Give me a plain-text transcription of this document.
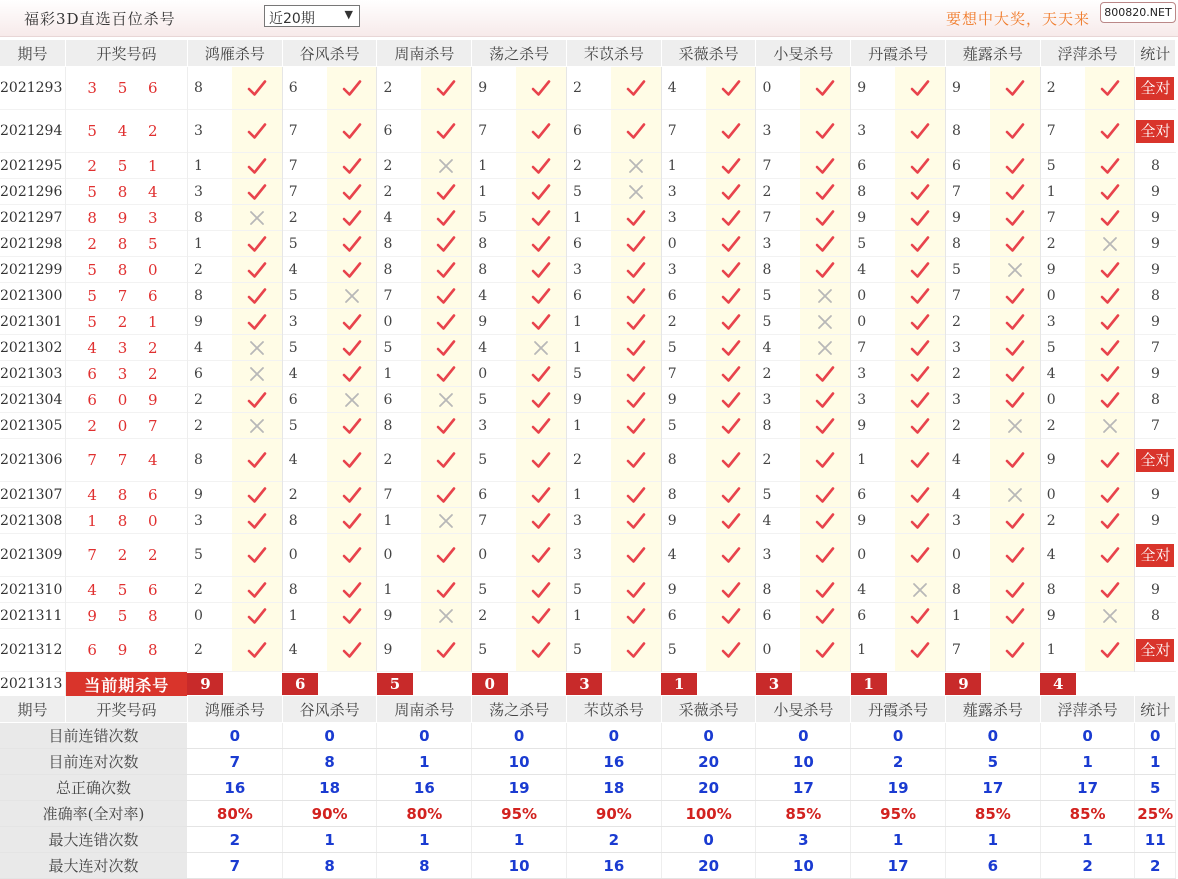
福彩3D直选百位杀号	近20期	▼	要想中大奖，天天来	800820.NET
期号	开奖号码	鸿雁杀号		谷风杀号		周南杀号		荡之杀号		芣苡杀号		采薇杀号		小旻杀号		丹霞杀号		薤露杀号		浮萍杀号		统计
2021293	3 5 6	8		6		2		9		2		4		0		9		9		2		全对

2021294	5 4 2	3		7		6		7		6		7		3		3		8		7		全对

2021295	2 5 1	1		7		2		1		2		1		7		6		6		5		8
2021296	5 8 4	3		7		2		1		5		3		2		8		7		1		9
2021297	8 9 3	8		2		4		5		1		3		7		9		9		7		9
2021298	2 8 5	1		5		8		8		6		0		3		5		8		2		9
2021299	5 8 0	2		4		8		8		3		3		8		4		5		9		9
2021300	5 7 6	8		5		7		4		6		6		5		0		7		0		8
2021301	5 2 1	9		3		0		9		1		2		5		0		2		3		9
2021302	4 3 2	4		5		5		4		1		5		4		7		3		5		7
2021303	6 3 2	6		4		1		0		5		7		2		3		2		4		9
2021304	6 0 9	2		6		6		5		9		9		3		3		3		0		8
2021305	2 0 7	2		5		8		3		1		5		8		9		2		2		7
2021306	7 7 4	8		4		2		5		2		8		2		1		4		9		全对

2021307	4 8 6	9		2		7		6		1		8		5		6		4		0		9
2021308	1 8 0	3		8		1		7		3		9		4		9		3		2		9
2021309	7 2 2	5		0		0		0		3		4		3		0		0		4		全对

2021310	4 5 6	2		8		1		5		5		9		8		4		8		8		9
2021311	9 5 8	0		1		9		2		1		6		6		6		1		9		8
2021312	6 9 8	2		4		9		5		5		5		0		1		7		1		全对

2021313	当前期杀号	9		6		5		0		3		1		3		1		9		4		
期号	开奖号码	鸿雁杀号		谷风杀号		周南杀号		荡之杀号		芣苡杀号		采薇杀号		小旻杀号		丹霞杀号		薤露杀号		浮萍杀号		统计
目前连错次数		0		0		0		0		0		0		0		0		0		0		0
目前连对次数		7		8		1		10		16		20		10		2		5		1		1
总正确次数		16		18		16		19		18		20		17		19		17		17		5
准确率(全对率)		80%		90%		80%		95%		90%		100%		85%		95%		85%		85%		25%
最大连错次数		2		1		1		1		2		0		3		1		1		1		11
最大连对次数		7		8		8		10		16		20		10		17		6		2		2
